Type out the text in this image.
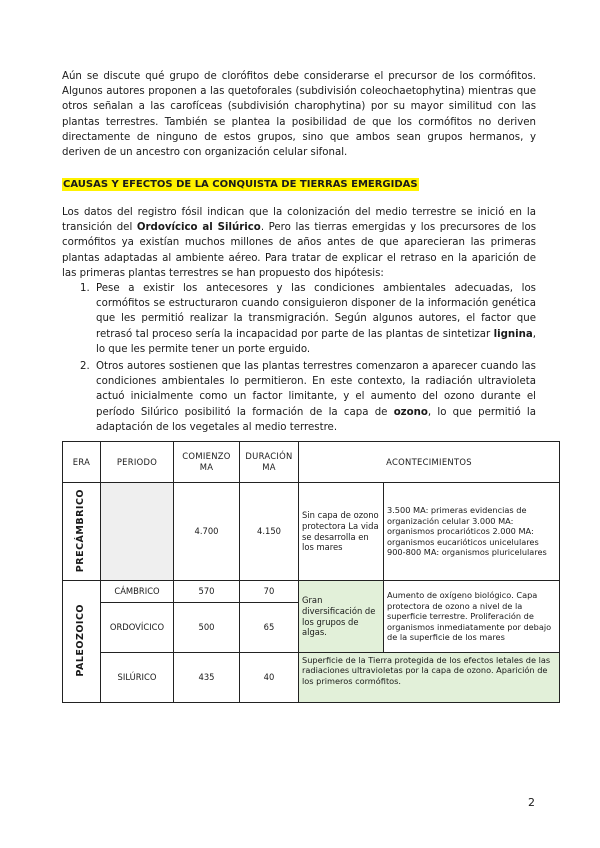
Aún se discute qué grupo de clorófitos debe considerarse el precursor de los cormófitos. Algunos autores proponen a las quetoforales (subdivisión coleochaetophytina) mientras que otros señalan a las carofíceas (subdivisión charophytina) por su mayor similitud con las plantas terrestres. También se plantea la posibilidad de que los cormófitos no deriven directamente de ninguno de estos grupos, sino que ambos sean grupos hermanos, y deriven de un ancestro con organización celular sifonal.

CAUSAS Y EFECTOS DE LA CONQUISTA DE TIERRAS EMERGIDAS

Los datos del registro fósil indican que la colonización del medio terrestre se inició en la transición del Ordovícico al Silúrico. Pero las tierras emergidas y los precursores de los cormófitos ya existían muchos millones de años antes de que aparecieran las primeras plantas adaptadas al ambiente aéreo. Para tratar de explicar el retraso en la aparición de las primeras plantas terrestres se han propuesto dos hipótesis:

1. Pese a existir los antecesores y las condiciones ambientales adecuadas, los cormófitos se estructuraron cuando consiguieron disponer de la información genética que les permitió realizar la transmigración. Según algunos autores, el factor que retrasó tal proceso sería la incapacidad por parte de las plantas de sintetizar lignina, lo que les permite tener un porte erguido.
2. Otros autores sostienen que las plantas terrestres comenzaron a aparecer cuando las condiciones ambientales lo permitieron. En este contexto, la radiación ultravioleta actuó inicialmente como un factor limitante, y el aumento del ozono durante el período Silúrico posibilitó la formación de la capa de ozono, lo que permitió la adaptación de los vegetales al medio terrestre.
ERA	PERIODO	COMIENZO MA	DURACIÓN MA	ACONTECIMIENTOS	
PRECÁMBRICO		4.700	4.150	Sin capa de ozono protectora La vida se desarrolla en los mares	3.500 MA: primeras evidencias de organización celular 3.000 MA: organismos procarióticos 2.000 MA: organismos eucarióticos unicelulares 900-800 MA: organismos pluricelulares
PALEOZOICO	CÁMBRICO	570	70	Gran diversificación de los grupos de algas.	Aumento de oxígeno biológico. Capa protectora de ozono a nivel de la superficie terrestre. Proliferación de organismos inmediatamente por debajo de la superficie de los mares
	ORDOVÍCICO	500	65		
	SILÚRICO	435	40	Superficie de la Tierra protegida de los efectos letales de las radiaciones ultravioletas por la capa de ozono. Aparición de los primeros cormófitos.	
2
